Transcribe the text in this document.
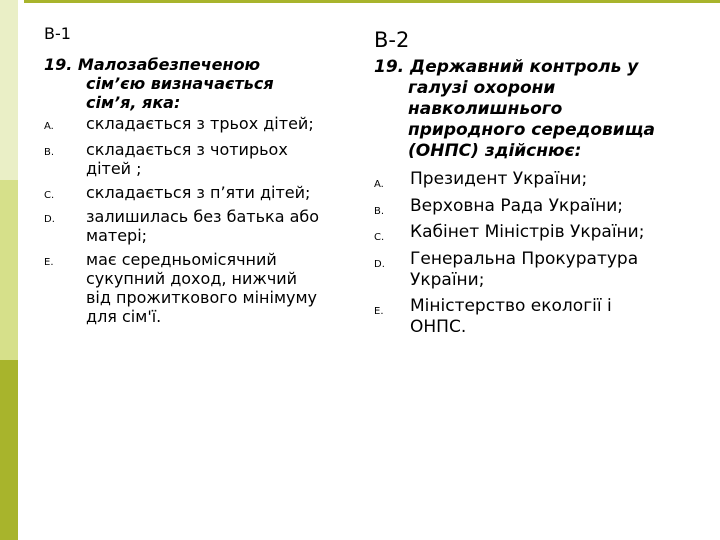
В-1
19. Малозабезпеченою
сім’єю визначається
сім’я, яка:
A.	складається з трьох дітей;
B.	складається з чотирьох
дітей ;
C.	складається з п’яти дітей;
D.	залишилась без батька або
матері;
E.	має середньомісячний
сукупний доход, нижчий
від прожиткового мінімуму
для сім'ї.
В-2
19. Державний контроль у
галузі охорони
навколишнього
природного середовища
(ОНПС) здійснює:
A.	Президент України;
B.	Верховна Рада України;
C.	Кабінет Міністрів України;
D.	Генеральна Прокуратура
України;
E.	Міністерство екології і
ОНПС.
